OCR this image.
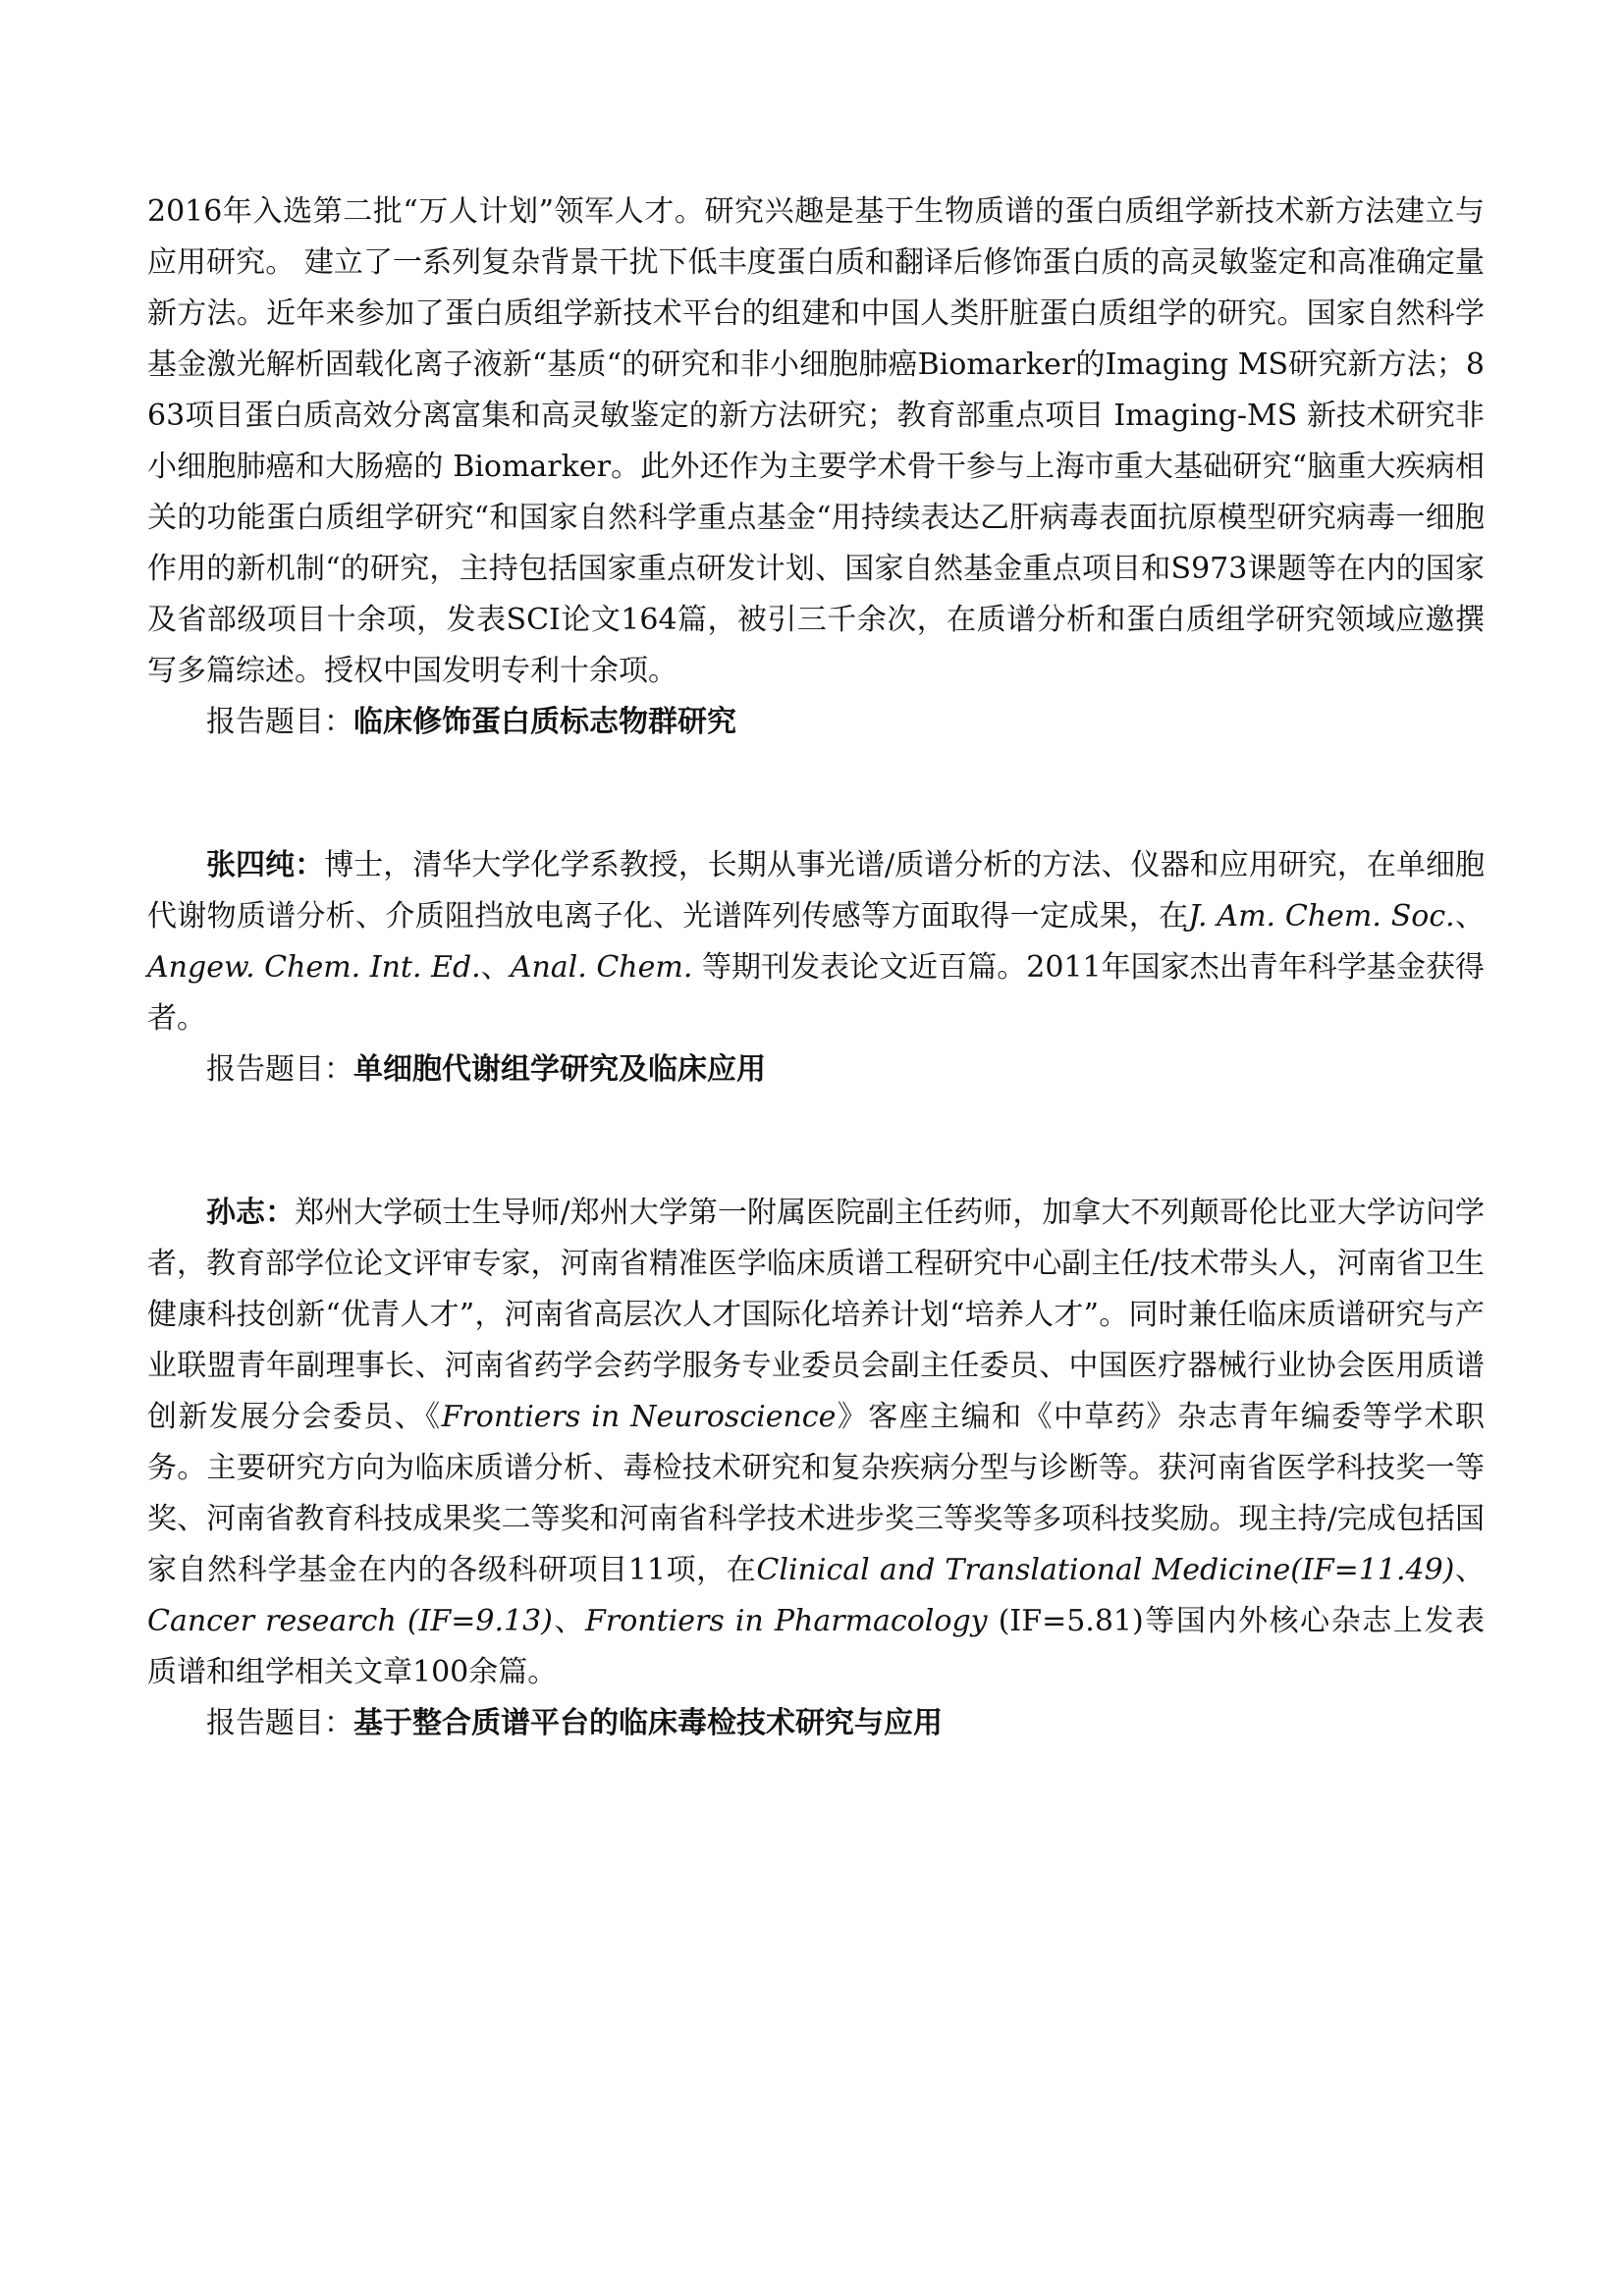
2016年入选第二批“万人计划”领军人才。研究兴趣是基于生物质谱的蛋白质组学新技术新方法建立与应用研究。 建立了一系列复杂背景干扰下低丰度蛋白质和翻译后修饰蛋白质的高灵敏鉴定和高准确定量新方法。近年来参加了蛋白质组学新技术平台的组建和中国人类肝脏蛋白质组学的研究。国家自然科学基金激光解析固载化离子液新“基质“的研究和非小细胞肺癌Biomarker的Imaging MS研究新方法；863项目蛋白质高效分离富集和高灵敏鉴定的新方法研究；教育部重点项目 Imaging-MS 新技术研究非小细胞肺癌和大肠癌的 Biomarker。此外还作为主要学术骨干参与上海市重大基础研究“脑重大疾病相关的功能蛋白质组学研究“和国家自然科学重点基金“用持续表达乙肝病毒表面抗原模型研究病毒一细胞作用的新机制“的研究，主持包括国家重点研发计划、国家自然基金重点项目和S973课题等在内的国家及省部级项目十余项，发表SCI论文164篇，被引三千余次，在质谱分析和蛋白质组学研究领域应邀撰写多篇综述。授权中国发明专利十余项。

报告题目：临床修饰蛋白质标志物群研究

张四纯：博士，清华大学化学系教授，长期从事光谱/质谱分析的方法、仪器和应用研究，在单细胞代谢物质谱分析、介质阻挡放电离子化、光谱阵列传感等方面取得一定成果，在J. Am. Chem. Soc.、Angew. Chem. Int. Ed.、Anal. Chem. 等期刊发表论文近百篇。2011年国家杰出青年科学基金获得者。

报告题目：单细胞代谢组学研究及临床应用

孙志：郑州大学硕士生导师/郑州大学第一附属医院副主任药师，加拿大不列颠哥伦比亚大学访问学者，教育部学位论文评审专家，河南省精准医学临床质谱工程研究中心副主任/技术带头人，河南省卫生健康科技创新“优青人才”，河南省高层次人才国际化培养计划“培养人才”。同时兼任临床质谱研究与产业联盟青年副理事长、河南省药学会药学服务专业委员会副主任委员、中国医疗器械行业协会医用质谱创新发展分会委员、《Frontiers in Neuroscience》客座主编和《中草药》杂志青年编委等学术职务。主要研究方向为临床质谱分析、毒检技术研究和复杂疾病分型与诊断等。获河南省医学科技奖一等奖、河南省教育科技成果奖二等奖和河南省科学技术进步奖三等奖等多项科技奖励。现主持/完成包括国家自然科学基金在内的各级科研项目11项，在Clinical and Translational Medicine(IF=11.49)、Cancer research (IF=9.13)、Frontiers in Pharmacology (IF=5.81)等国内外核心杂志上发表质谱和组学相关文章100余篇。

报告题目：基于整合质谱平台的临床毒检技术研究与应用
